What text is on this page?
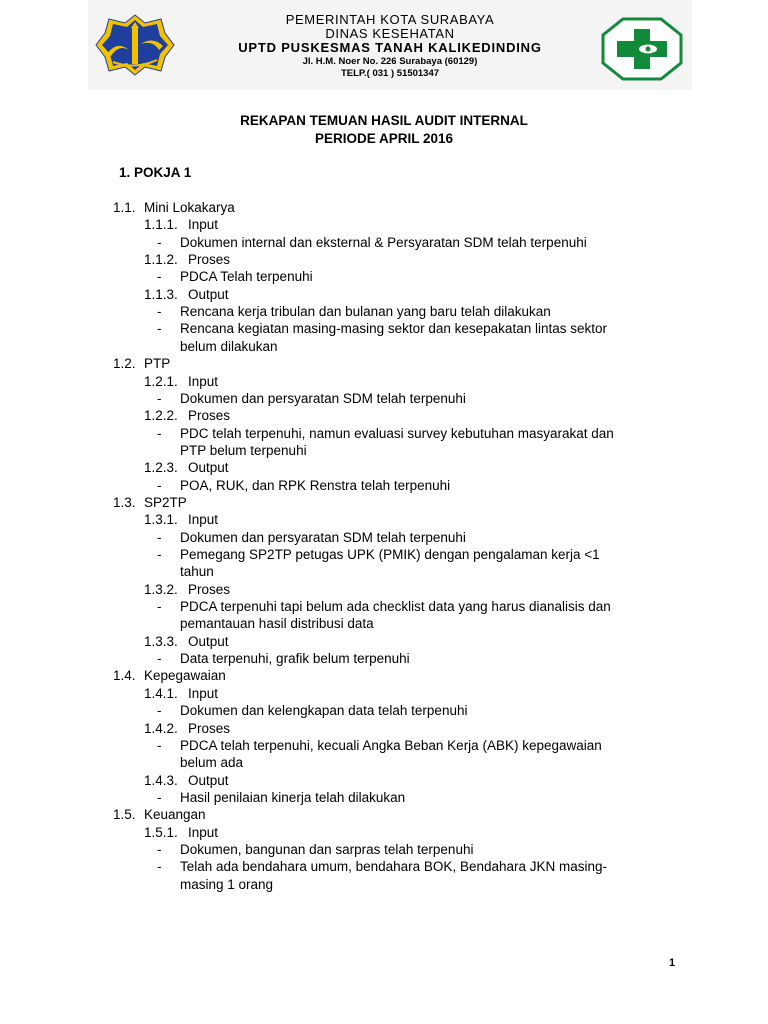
PEMERINTAH KOTA SURABAYA
DINAS KESEHATAN
UPTD PUSKESMAS TANAH KALIKEDINDING
Jl. H.M. Noer No. 226 Surabaya (60129)
TELP.( 031 ) 51501347
REKAPAN TEMUAN HASIL AUDIT INTERNAL
PERIODE APRIL 2016
1. POKJA 1
1.1. Mini Lokakarya
1.1.1. Input
- Dokumen internal dan eksternal & Persyaratan SDM telah terpenuhi
1.1.2. Proses
- PDCA Telah terpenuhi
1.1.3. Output
- Rencana kerja tribulan dan bulanan yang baru telah dilakukan
- Rencana kegiatan masing-masing sektor dan kesepakatan lintas sektor
belum dilakukan
1.2. PTP
1.2.1. Input
- Dokumen dan persyaratan SDM telah terpenuhi
1.2.2. Proses
- PDC telah terpenuhi, namun evaluasi survey kebutuhan masyarakat dan
PTP belum terpenuhi
1.2.3. Output
- POA, RUK, dan RPK Renstra telah terpenuhi
1.3. SP2TP
1.3.1. Input
- Dokumen dan persyaratan SDM telah terpenuhi
- Pemegang SP2TP petugas UPK (PMIK) dengan pengalaman kerja <1
tahun
1.3.2. Proses
- PDCA terpenuhi tapi belum ada checklist data yang harus dianalisis dan
pemantauan hasil distribusi data
1.3.3. Output
- Data terpenuhi, grafik belum terpenuhi
1.4. Kepegawaian
1.4.1. Input
- Dokumen dan kelengkapan data telah terpenuhi
1.4.2. Proses
- PDCA telah terpenuhi, kecuali Angka Beban Kerja (ABK) kepegawaian
belum ada
1.4.3. Output
- Hasil penilaian kinerja telah dilakukan
1.5. Keuangan
1.5.1. Input
- Dokumen, bangunan dan sarpras telah terpenuhi
- Telah ada bendahara umum, bendahara BOK, Bendahara JKN masing-
masing 1 orang
1
